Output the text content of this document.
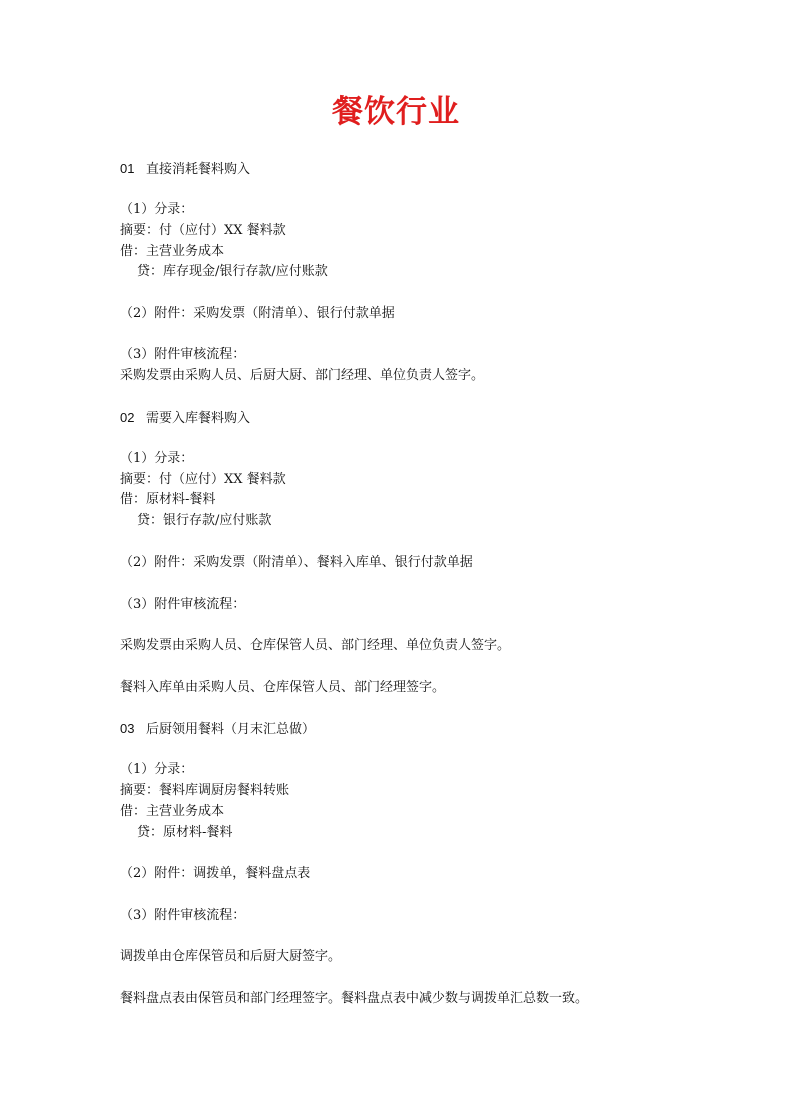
餐饮行业
01 直接消耗餐料购入
（1）分录：
摘要：付（应付）XX 餐料款
借：主营业务成本
贷：库存现金/银行存款/应付账款
（2）附件：采购发票（附清单）、银行付款单据
（3）附件审核流程：
采购发票由采购人员、后厨大厨、部门经理、单位负责人签字。
02 需要入库餐料购入
（1）分录：
摘要：付（应付）XX 餐料款
借：原材料-餐料
贷：银行存款/应付账款
（2）附件：采购发票（附清单）、餐料入库单、银行付款单据
（3）附件审核流程：
采购发票由采购人员、仓库保管人员、部门经理、单位负责人签字。
餐料入库单由采购人员、仓库保管人员、部门经理签字。
03 后厨领用餐料（月末汇总做）
（1）分录：
摘要：餐料库调厨房餐料转账
借：主营业务成本
贷：原材料-餐料
（2）附件：调拨单，餐料盘点表
（3）附件审核流程：
调拨单由仓库保管员和后厨大厨签字。
餐料盘点表由保管员和部门经理签字。餐料盘点表中减少数与调拨单汇总数一致。
